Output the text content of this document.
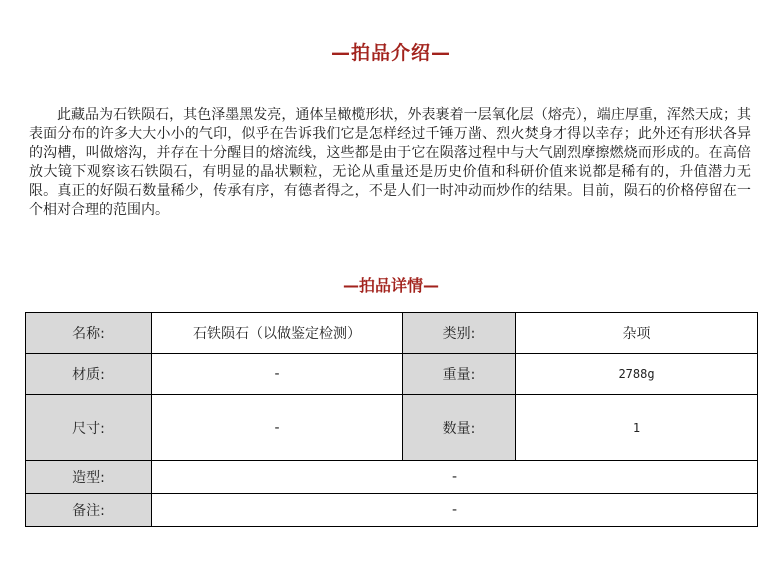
—拍品介绍—
此藏品为石铁陨石，其色泽墨黑发亮，通体呈橄榄形状，外表裹着一层氧化层（熔壳），端庄厚重，浑然天成；其表面分布的许多大大小小的气印，似乎在告诉我们它是怎样经过千锤万凿、烈火焚身才得以幸存；此外还有形状各异的沟槽，叫做熔沟，并存在十分醒目的熔流线，这些都是由于它在陨落过程中与大气剧烈摩擦燃烧而形成的。在高倍放大镜下观察该石铁陨石，有明显的晶状颗粒，无论从重量还是历史价值和科研价值来说都是稀有的，升值潜力无限。真正的好陨石数量稀少，传承有序，有德者得之，不是人们一时冲动而炒作的结果。目前，陨石的价格停留在一个相对合理的范围内。
—拍品详情—
名称:	石铁陨石（以做鉴定检测）	类别:	杂项
材质:	-	重量:	2788g
尺寸:	-	数量:	1
造型:	-		
备注:	-		
